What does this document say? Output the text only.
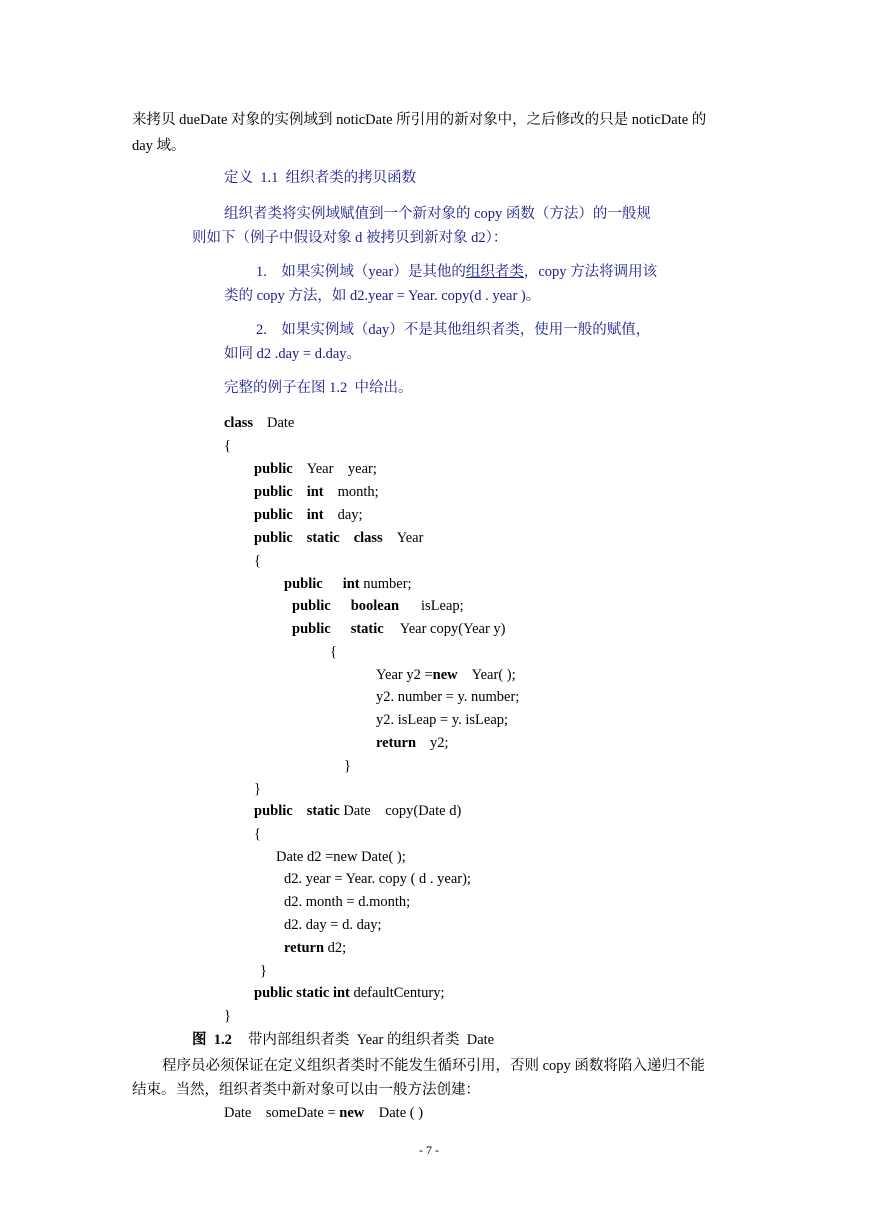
来拷贝 dueDate 对象的实例域到 noticDate 所引用的新对象中，之后修改的只是 noticDate 的
day 域。
定义  1.1  组织者类的拷贝函数
组织者类将实例域赋值到一个新对象的 copy 函数（方法）的一般规
则如下（例子中假设对象 d 被拷贝到新对象 d2）：
1.    如果实例域（year）是其他的组织者类，copy 方法将调用该
类的 copy 方法，如 d2.year = Year. copy(d . year )。
2.    如果实例域（day）不是其他组织者类，使用一般的赋值，
如同 d2 .day = d.day。
完整的例子在图 1.2  中给出。
class Date
{
public Year    year;
public int month;
public int day;
public static class Year
{
public int number;
public boolean isLeap;
public static Year copy(Year y)
{
Year y2 =new    Year( );
y2. number = y. number;
y2. isLeap = y. isLeap;
return y2;
}
}
public static Date    copy(Date d)
{
Date d2 =new Date( );
d2. year = Year. copy ( d . year);
d2. month = d.month;
d2. day = d. day;
return d2;
}
public static int defaultCentury;
}
图  1.2 带内部组织者类  Year 的组织者类  Date
程序员必须保证在定义组织者类时不能发生循环引用，否则 copy 函数将陷入递归不能
结束。当然，组织者类中新对象可以由一般方法创建：
Date    someDate = new    Date ( )
- 7 -
